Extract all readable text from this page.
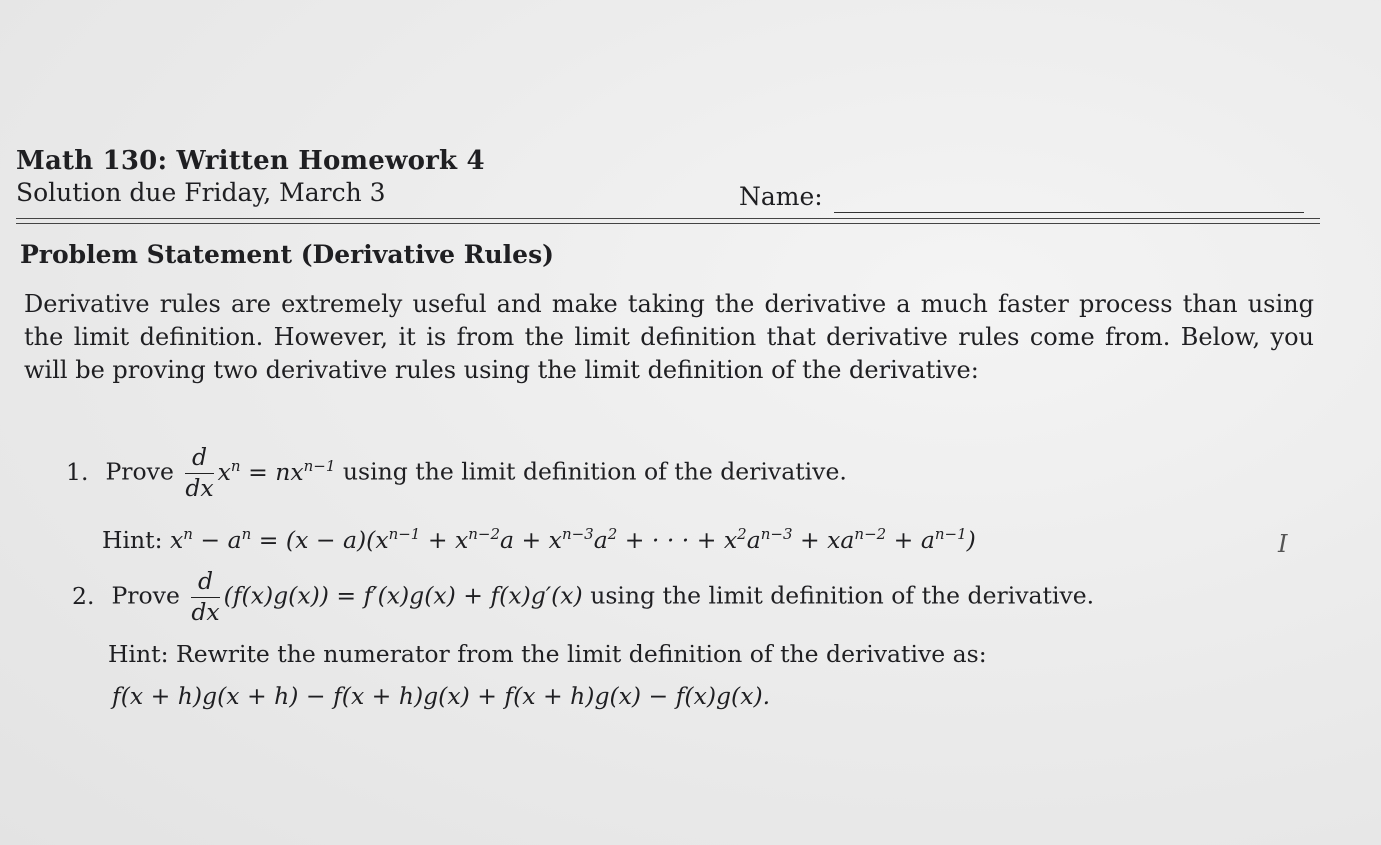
Math 130: Written Homework 4
Solution due Friday, March 3	Name:
Problem Statement (Derivative Rules)

Derivative rules are extremely useful and make taking the derivative a much faster process than using the limit definition. However, it is from the limit definition that derivative rules come from. Below, you will be proving two derivative rules using the limit definition of the derivative:

1. Prove $\frac{d}{dx} x^n = nx^{n-1}$ using the limit definition of the derivative.
Hint: $x^n - a^n = (x - a)(x^{n-1} + x^{n-2}a + x^{n-3}a^2$ + · · · + $x^2a^{n-3} + xa^{n-2} + a^{n-1}$)	I
2. Prove $\frac{d}{dx} (f(x)g(x)) = f'(x)g(x) + f(x)g'(x)$ using the limit definition of the derivative.
Hint: Rewrite the numerator from the limit definition of the derivative as:
f(x + h)g(x + h) − f(x + h)g(x) + f(x + h)g(x) − f(x)g(x).
